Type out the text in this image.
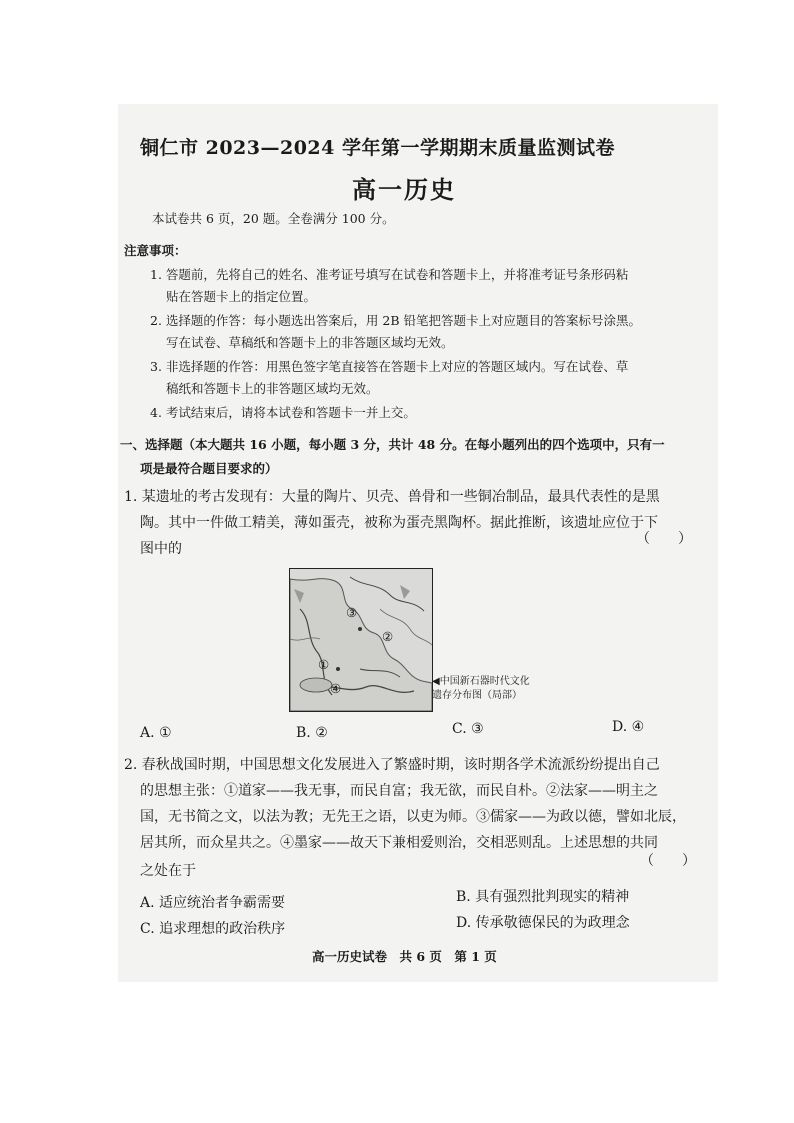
铜仁市 2023—2024 学年第一学期期末质量监测试卷
高一历史
本试卷共 6 页，20 题。全卷满分 100 分。
注意事项：
1. 答题前，先将自己的姓名、准考证号填写在试卷和答题卡上，并将准考证号条形码粘
贴在答题卡上的指定位置。
2. 选择题的作答：每小题选出答案后，用 2B 铅笔把答题卡上对应题目的答案标号涂黑。
写在试卷、草稿纸和答题卡上的非答题区域均无效。
3. 非选择题的作答：用黑色签字笔直接答在答题卡上对应的答题区域内。写在试卷、草
稿纸和答题卡上的非答题区域均无效。
4. 考试结束后，请将本试卷和答题卡一并上交。
一、选择题（本大题共 16 小题，每小题 3 分，共计 48 分。在每小题列出的四个选项中，只有一
项是最符合题目要求的）
1. 某遗址的考古发现有：大量的陶片、贝壳、兽骨和一些铜冶制品，最具代表性的是黑
陶。其中一件做工精美，薄如蛋壳，被称为蛋壳黑陶杯。据此推断，该遗址应位于下
图中的
（　　）
①
②
③
④	◀中国新石器时代文化
遗存分布图（局部）
A. ①	B. ②	C. ③	D. ④
2. 春秋战国时期，中国思想文化发展进入了繁盛时期，该时期各学术流派纷纷提出自己
的思想主张：①道家——我无事，而民自富；我无欲，而民自朴。②法家——明主之
国，无书简之文，以法为教；无先王之语，以吏为师。③儒家——为政以德，譬如北辰，
居其所，而众星共之。④墨家——故天下兼相爱则治，交相恶则乱。上述思想的共同
之处在于
（　　）
A. 适应统治者争霸需要	B. 具有强烈批判现实的精神
C. 追求理想的政治秩序	D. 传承敬德保民的为政理念
高一历史试卷　共 6 页　第 1 页
